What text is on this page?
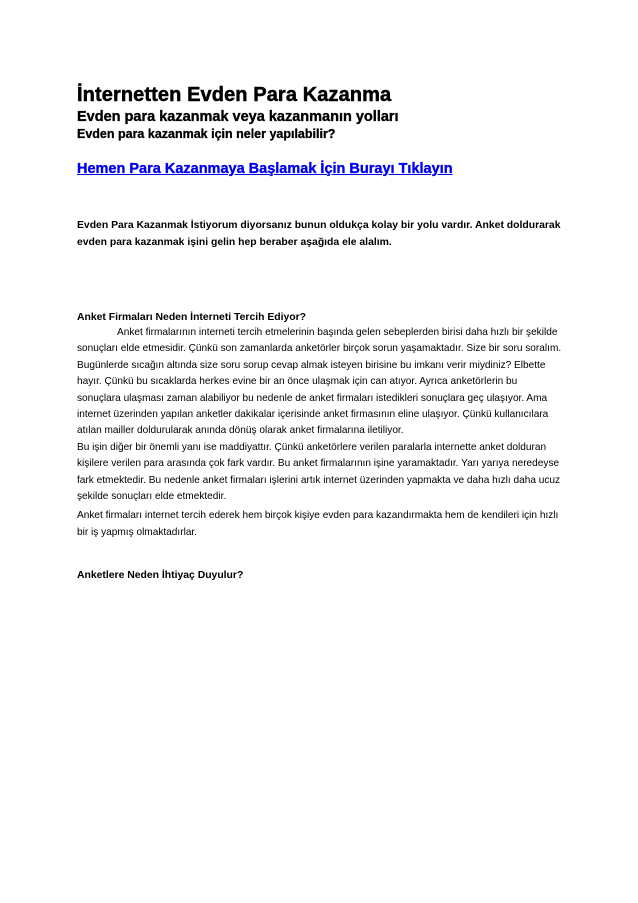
İnternetten Evden Para Kazanma
Evden para kazanmak veya kazanmanın yolları
Evden para kazanmak için neler yapılabilir?
Hemen Para Kazanmaya Başlamak İçin Burayı Tıklayın

Evden Para Kazanmak İstiyorum diyorsanız bunun oldukça kolay bir yolu vardır. Anket doldurarak evden para kazanmak işini gelin hep beraber aşağıda ele alalım.

Anket Firmaları Neden İnterneti Tercih Ediyor?

Anket firmalarının interneti tercih etmelerinin başında gelen sebeplerden birisi daha hızlı bir şekilde sonuçları elde etmesidir. Çünkü son zamanlarda anketörler birçok sorun yaşamaktadır. Size bir soru soralım. Bugünlerde sıcağın altında size soru sorup cevap almak isteyen birisine bu imkanı verir miydiniz? Elbette hayır. Çünkü bu sıcaklarda herkes evine bir an önce ulaşmak için can atıyor. Ayrıca anketörlerin bu sonuçlara ulaşması zaman alabiliyor bu nedenle de anket firmaları istedikleri sonuçlara geç ulaşıyor. Ama internet üzerinden yapılan anketler dakikalar içerisinde anket firmasının eline ulaşıyor. Çünkü kullanıcılara atılan mailler doldurularak anında dönüş olarak anket firmalarına iletiliyor.

Bu işin diğer bir önemli yanı ise maddiyattır. Çünkü anketörlere verilen paralarla internette anket dolduran kişilere verilen para arasında çok fark vardır. Bu anket firmalarının işine yaramaktadır. Yarı yarıya neredeyse fark etmektedir. Bu nedenle anket firmaları işlerini artık internet üzerinden yapmakta ve daha hızlı daha ucuz şekilde sonuçları elde etmektedir.

Anket firmaları internet tercih ederek hem birçok kişiye evden para kazandırmakta hem de kendileri için hızlı bir iş yapmış olmaktadırlar.

Anketlere Neden İhtiyaç Duyulur?
